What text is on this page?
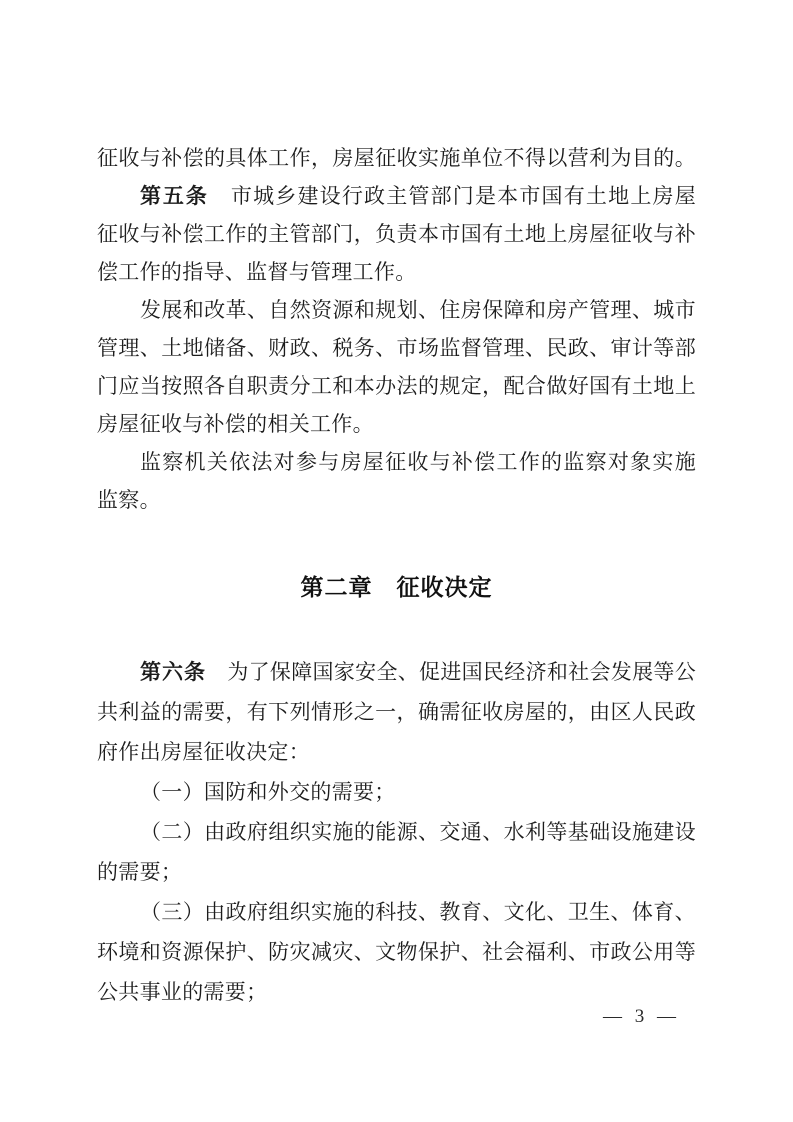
征收与补偿的具体工作，房屋征收实施单位不得以营利为目的。
第五条　市城乡建设行政主管部门是本市国有土地上房屋
征收与补偿工作的主管部门，负责本市国有土地上房屋征收与补
偿工作的指导、监督与管理工作。
发展和改革、自然资源和规划、住房保障和房产管理、城市
管理、土地储备、财政、税务、市场监督管理、民政、审计等部
门应当按照各自职责分工和本办法的规定，配合做好国有土地上
房屋征收与补偿的相关工作。
监察机关依法对参与房屋征收与补偿工作的监察对象实施
监察。
第二章　征收决定
第六条　为了保障国家安全、促进国民经济和社会发展等公
共利益的需要，有下列情形之一，确需征收房屋的，由区人民政
府作出房屋征收决定：
（一）国防和外交的需要；
（二）由政府组织实施的能源、交通、水利等基础设施建设
的需要；
（三）由政府组织实施的科技、教育、文化、卫生、体育、
环境和资源保护、防灾减灾、文物保护、社会福利、市政公用等
公共事业的需要；
— 3 —
